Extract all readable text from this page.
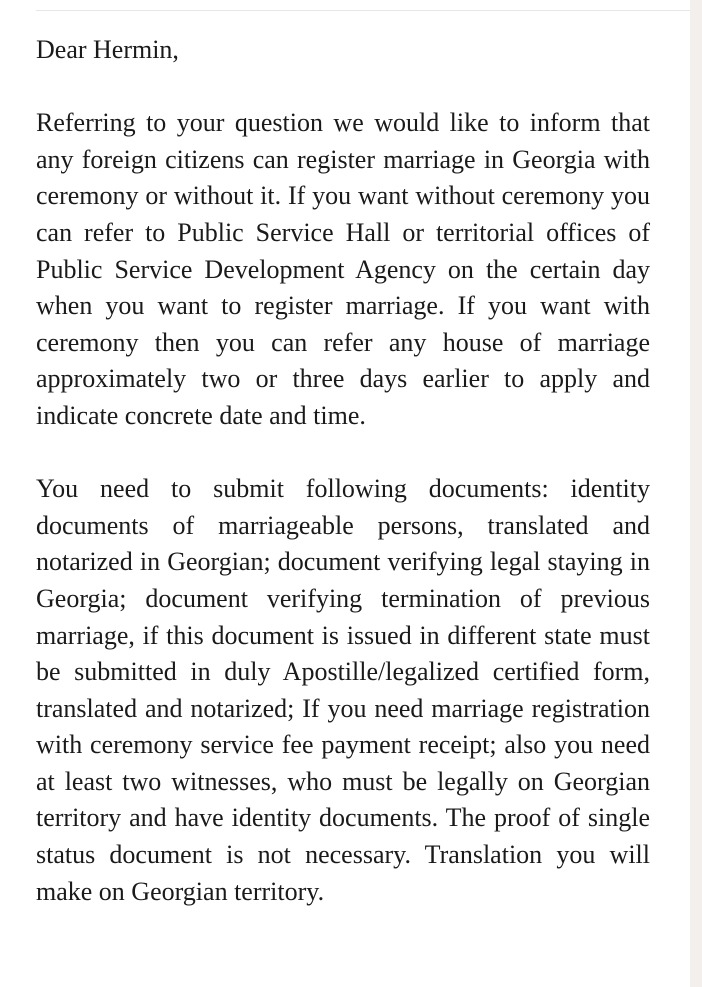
Dear Hermin,

Referring to your question we would like to inform that any foreign citizens can register marriage in Georgia with ceremony or without it. If you want without ceremony you can refer to Public Service Hall or territorial offices of Public Service Development Agency on the certain day when you want to register marriage. If you want with ceremony then you can refer any house of marriage approximately two or three days earlier to apply and indicate concrete date and time.

You need to submit following documents: identity documents of marriageable persons, translated and notarized in Georgian; document verifying legal staying in Georgia; document verifying termination of previous marriage, if this document is issued in different state must be submitted in duly Apostille/legalized certified form, translated and notarized; If you need marriage registration with ceremony service fee payment receipt; also you need at least two witnesses, who must be legally on Georgian territory and have identity documents. The proof of single status document is not necessary. Translation you will make on Georgian territory.
